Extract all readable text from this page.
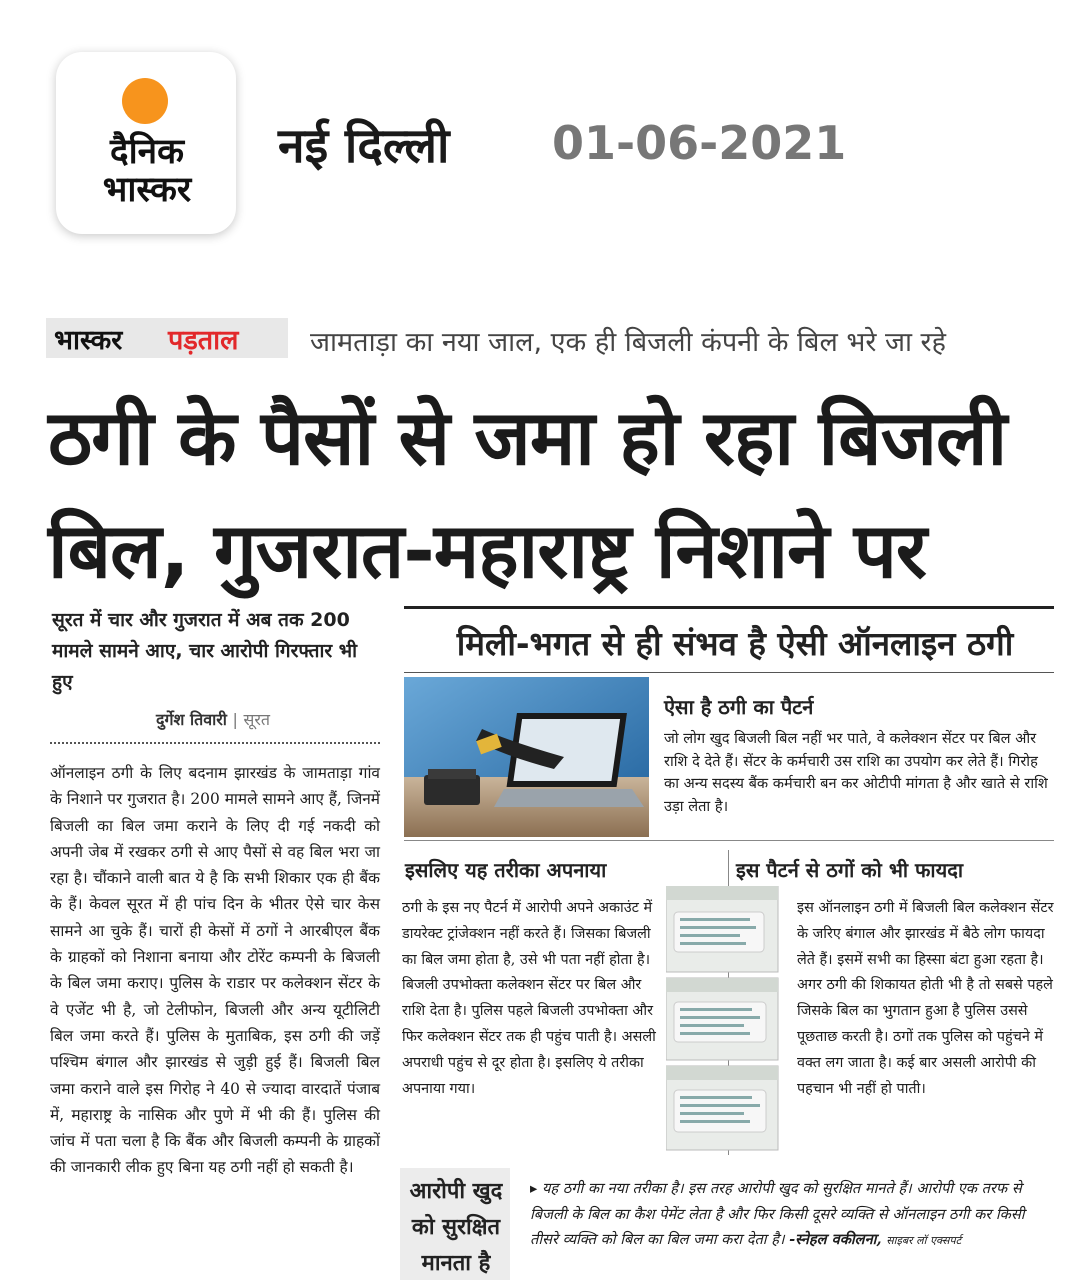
दैनिक
भास्कर
नई दिल्ली 01-06-2021
भास्कर पड़ताल	जामताड़ा का नया जाल, एक ही बिजली कंपनी के बिल भरे जा रहे
ठगी के पैसों से जमा हो रहा बिजली
बिल, गुजरात-महाराष्ट्र निशाने पर
सूरत में चार और गुजरात में अब तक 200 मामले सामने आए, चार आरोपी गिरफ्तार भी हुए
दुर्गेश तिवारी | सूरत
ऑनलाइन ठगी के लिए बदनाम झारखंड के जामताड़ा गांव के निशाने पर गुजरात है। 200 मामले सामने आए हैं, जिनमें बिजली का बिल जमा कराने के लिए दी गई नकदी को अपनी जेब में रखकर ठगी से आए पैसों से वह बिल भरा जा रहा है। चौंकाने वाली बात ये है कि सभी शिकार एक ही बैंक के हैं। केवल सूरत में ही पांच दिन के भीतर ऐसे चार केस सामने आ चुके हैं। चारों ही केसों में ठगों ने आरबीएल बैंक के ग्राहकों को निशाना बनाया और टोरेंट कम्पनी के बिजली के बिल जमा कराए। पुलिस के राडार पर कलेक्शन सेंटर के वे एजेंट भी है, जो टेलीफोन, बिजली और अन्य यूटीलिटी बिल जमा करते हैं। पुलिस के मुताबिक, इस ठगी की जड़ें पश्चिम बंगाल और झारखंड से जुड़ी हुई हैं। बिजली बिल जमा कराने वाले इस गिरोह ने 40 से ज्यादा वारदातें पंजाब में, महाराष्ट्र के नासिक और पुणे में भी की हैं। पुलिस की जांच में पता चला है कि बैंक और बिजली कम्पनी के ग्राहकों की जानकारी लीक हुए बिना यह ठगी नहीं हो सकती है।
मिली-भगत से ही संभव है ऐसी ऑनलाइन ठगी
ऐसा है ठगी का पैटर्न
जो लोग खुद बिजली बिल नहीं भर पाते, वे कलेक्शन सेंटर पर बिल और राशि दे देते हैं। सेंटर के कर्मचारी उस राशि का उपयोग कर लेते हैं। गिरोह का अन्य सदस्य बैंक कर्मचारी बन कर ओटीपी मांगता है और खाते से राशि उड़ा लेता है।
इसलिए यह तरीका अपनाया	इस पैटर्न से ठगों को भी फायदा
ठगी के इस नए पैटर्न में आरोपी अपने अकाउंट में डायरेक्ट ट्रांजेक्शन नहीं करते हैं। जिसका बिजली का बिल जमा होता है, उसे भी पता नहीं होता है। बिजली उपभोक्ता कलेक्शन सेंटर पर बिल और राशि देता है। पुलिस पहले बिजली उपभोक्ता और फिर कलेक्शन सेंटर तक ही पहुंच पाती है। असली अपराधी पहुंच से दूर होता है। इसलिए ये तरीका अपनाया गया।
इस ऑनलाइन ठगी में बिजली बिल कलेक्शन सेंटर के जरिए बंगाल और झारखंड में बैठे लोग फायदा लेते हैं। इसमें सभी का हिस्सा बंटा हुआ रहता है। अगर ठगी की शिकायत होती भी है तो सबसे पहले जिसके बिल का भुगतान हुआ है पुलिस उससे पूछताछ करती है। ठगों तक पुलिस को पहुंचने में वक्त लग जाता है। कई बार असली आरोपी की पहचान भी नहीं हो पाती।
आरोपी खुद को सुरक्षित मानता है
▸ यह ठगी का नया तरीका है। इस तरह आरोपी खुद को सुरक्षित मानते हैं। आरोपी एक तरफ से बिजली के बिल का कैश पेमेंट लेता है और फिर किसी दूसरे व्यक्ति से ऑनलाइन ठगी कर किसी तीसरे व्यक्ति को बिल का बिल जमा करा देता है। -स्नेहल वकीलना, साइबर लॉ एक्सपर्ट
